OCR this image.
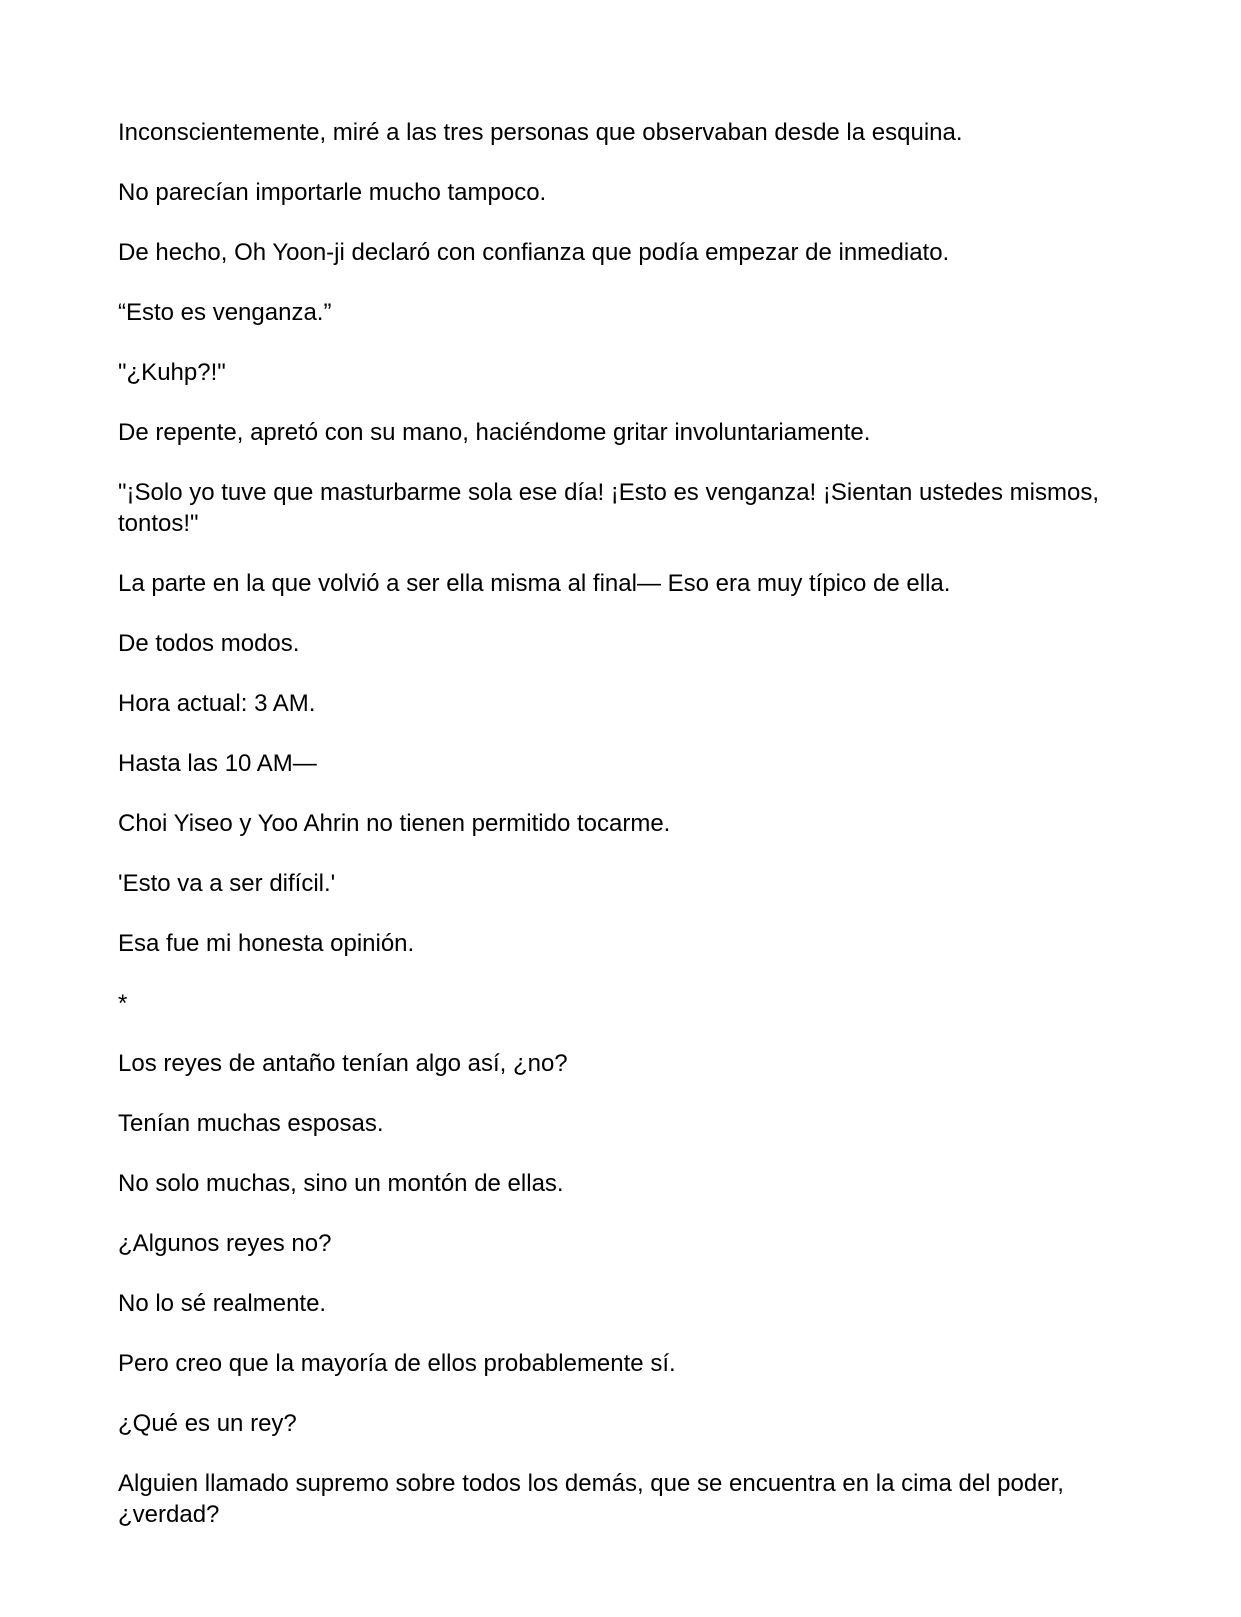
Inconscientemente, miré a las tres personas que observaban desde la esquina.

No parecían importarle mucho tampoco.

De hecho, Oh Yoon-ji declaró con confianza que podía empezar de inmediato.

“Esto es venganza.”

"¿Kuhp?!"

De repente, apretó con su mano, haciéndome gritar involuntariamente.

"¡Solo yo tuve que masturbarme sola ese día! ¡Esto es venganza! ¡Sientan ustedes mismos, tontos!"

La parte en la que volvió a ser ella misma al final— Eso era muy típico de ella.

De todos modos.

Hora actual: 3 AM.

Hasta las 10 AM—

Choi Yiseo y Yoo Ahrin no tienen permitido tocarme.

'Esto va a ser difícil.'

Esa fue mi honesta opinión.

*

Los reyes de antaño tenían algo así, ¿no?

Tenían muchas esposas.

No solo muchas, sino un montón de ellas.

¿Algunos reyes no?

No lo sé realmente.

Pero creo que la mayoría de ellos probablemente sí.

¿Qué es un rey?

Alguien llamado supremo sobre todos los demás, que se encuentra en la cima del poder, ¿verdad?
